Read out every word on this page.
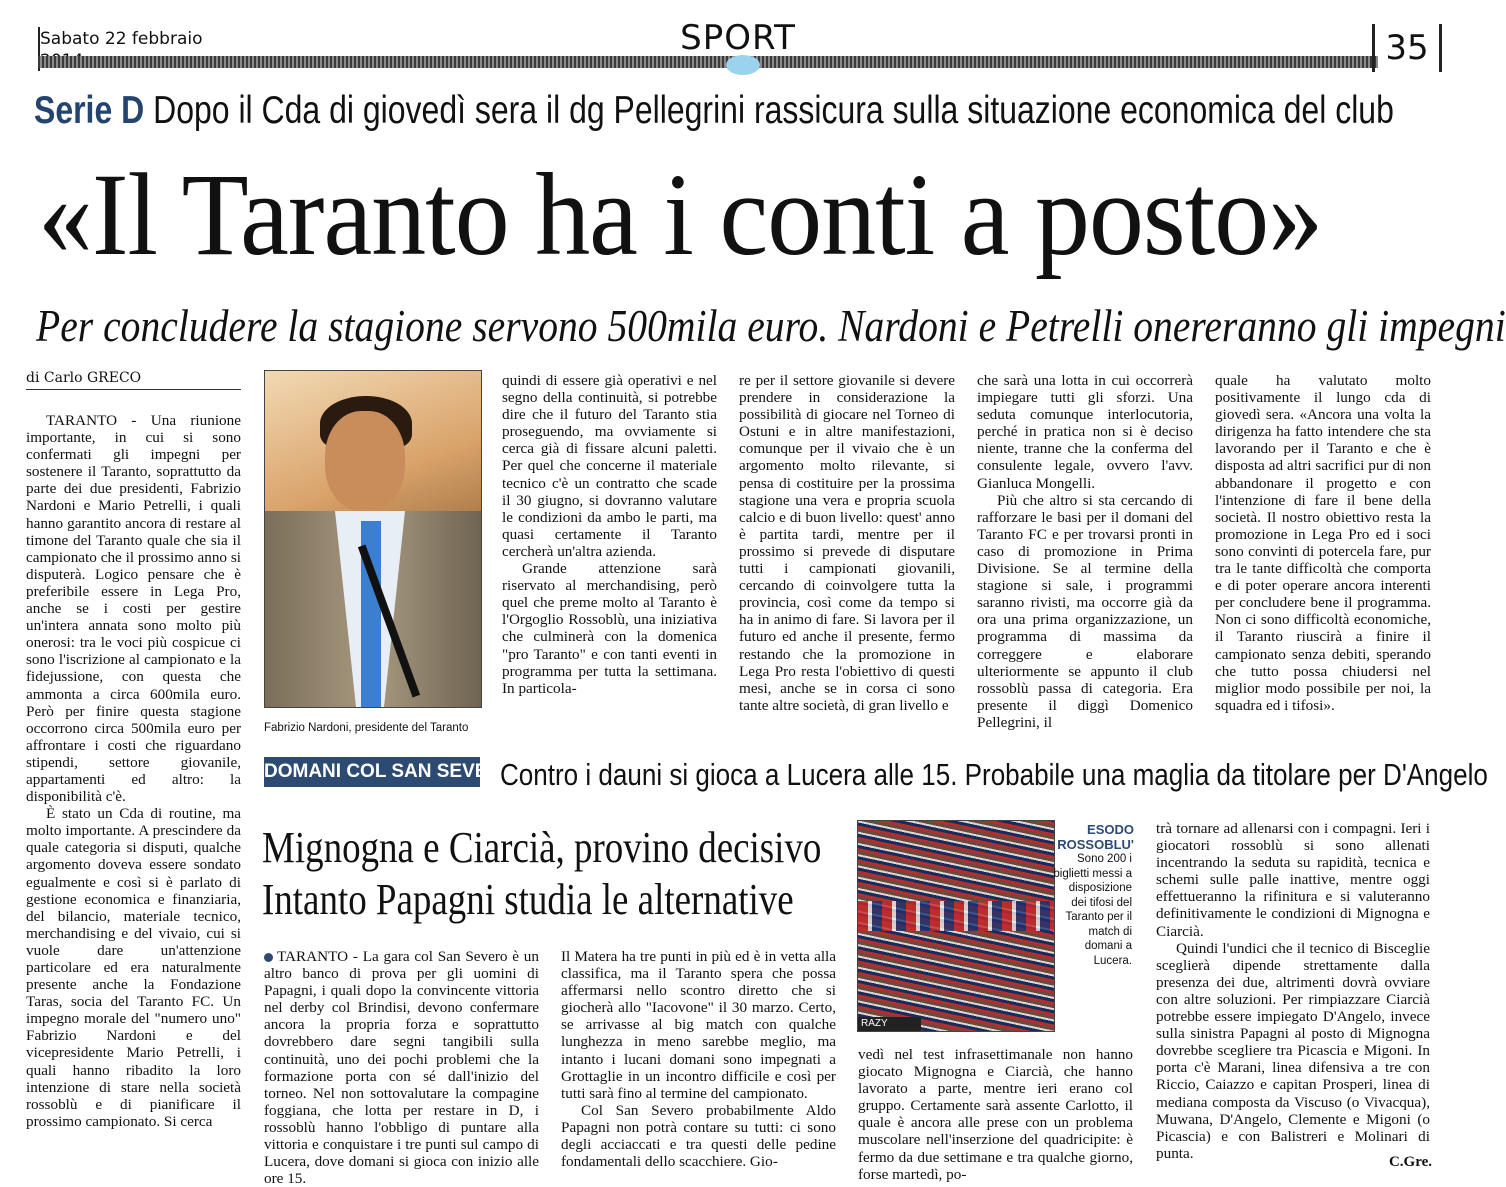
Sabato 22 febbraio	SPORT	35
Serie D Dopo il Cda di giovedì sera il dg Pellegrini rassicura sulla situazione economica del club
«Il Taranto ha i conti a posto»
Per concludere la stagione servono 500mila euro. Nardoni e Petrelli onereranno gli impegni
di Carlo GRECO

TARANTO - Una riunione importante, in cui si sono confermati gli impegni per sostenere il Taranto, soprattutto da parte dei due presidenti, Fabrizio Nardoni e Mario Petrelli, i quali hanno garantito ancora di restare al timone del Taranto quale che sia il campionato che il prossimo anno si disputerà. Logico pensare che è preferibile essere in Lega Pro, anche se i costi per gestire un'intera annata sono molto più onerosi: tra le voci più cospicue ci sono l'iscrizione al campionato e la fidejussione, con questa che ammonta a circa 600mila euro. Però per finire questa stagione occorrono circa 500mila euro per affrontare i costi che riguardano stipendi, settore giovanile, appartamenti ed altro: la disponibilità c'è.

È stato un Cda di routine, ma molto importante. A prescindere da quale categoria si disputi, qualche argomento doveva essere sondato egualmente e così si è parlato di gestione economica e finanziaria, del bilancio, materiale tecnico, merchandising e del vivaio, cui si vuole dare un'attenzione particolare ed era naturalmente presente anche la Fondazione Taras, socia del Taranto FC. Un impegno morale del "numero uno" Fabrizio Nardoni e del vicepresidente Mario Petrelli, i quali hanno ribadito la loro intenzione di stare nella società rossoblù e di pianificare il prossimo campionato. Si cerca

Fabrizio Nardoni, presidente del Taranto

quindi di essere già operativi e nel segno della continuità, si potrebbe dire che il futuro del Taranto stia proseguendo, ma ovviamente si cerca già di fissare alcuni paletti. Per quel che concerne il materiale tecnico c'è un contratto che scade il 30 giugno, si dovranno valutare le condizioni da ambo le parti, ma quasi certamente il Taranto cercherà un'altra azienda.

Grande attenzione sarà riservato al merchandising, però quel che preme molto al Taranto è l'Orgoglio Rossoblù, una iniziativa che culminerà con la domenica "pro Taranto" e con tanti eventi in programma per tutta la settimana. In particola-

re per il settore giovanile si devere prendere in considerazione la possibilità di giocare nel Torneo di Ostuni e in altre manifestazioni, comunque per il vivaio che è un argomento molto rilevante, si pensa di costituire per la prossima stagione una vera e propria scuola calcio e di buon livello: quest' anno è partita tardi, mentre per il prossimo si prevede di disputare tutti i campionati giovanili, cercando di coinvolgere tutta la provincia, così come da tempo si ha in animo di fare. Si lavora per il futuro ed anche il presente, fermo restando che la promozione in Lega Pro resta l'obiettivo di questi mesi, anche se in corsa ci sono tante altre società, di gran livello e

che sarà una lotta in cui occorrerà impiegare tutti gli sforzi. Una seduta comunque interlocutoria, perché in pratica non si è deciso niente, tranne che la conferma del consulente legale, ovvero l'avv. Gianluca Mongelli.

Più che altro si sta cercando di rafforzare le basi per il domani del Taranto FC e per trovarsi pronti in caso di promozione in Prima Divisione. Se al termine della stagione si sale, i programmi saranno rivisti, ma occorre già da ora una prima organizzazione, un programma di massima da correggere e elaborare ulteriormente se appunto il club rossoblù passa di categoria. Era presente il diggì Domenico Pellegrini, il

quale ha valutato molto positivamente il lungo cda di giovedì sera. «Ancora una volta la dirigenza ha fatto intendere che sta lavorando per il Taranto e che è disposta ad altri sacrifici pur di non abbandonare il progetto e con l'intenzione di fare il bene della società. Il nostro obiettivo resta la promozione in Lega Pro ed i soci sono convinti di potercela fare, pur tra le tante difficoltà che comporta e di poter operare ancora interenti per concludere bene il programma. Non ci sono difficoltà economiche, il Taranto riuscirà a finire il campionato senza debiti, sperando che tutto possa chiudersi nel miglior modo possibile per noi, la squadra ed i tifosi».

DOMANI COL SAN SEVERO
Contro i dauni si gioca a Lucera alle 15. Probabile una maglia da titolare per D'Angelo
Mignogna e Ciarcià, provino decisivo
Intanto Papagni studia le alternative

TARANTO - La gara col San Severo è un altro banco di prova per gli uomini di Papagni, i quali dopo la convincente vittoria nel derby col Brindisi, devono confermare ancora la propria forza e soprattutto dovrebbero dare segni tangibili sulla continuità, uno dei pochi problemi che la formazione porta con sé dall'inizio del torneo. Nel non sottovalutare la compagine foggiana, che lotta per restare in D, i rossoblù hanno l'obbligo di puntare alla vittoria e conquistare i tre punti sul campo di Lucera, dove domani si gioca con inizio alle ore 15.

Il Matera ha tre punti in più ed è in vetta alla classifica, ma il Taranto spera che possa affermarsi nello scontro diretto che si giocherà allo "Iacovone" il 30 marzo. Certo, se arrivasse al big match con qualche lunghezza in meno sarebbe meglio, ma intanto i lucani domani sono impegnati a Grottaglie in un incontro difficile e così per tutti sarà fino al termine del campionato.

Col San Severo probabilmente Aldo Papagni non potrà contare su tutti: ci sono degli acciaccati e tra questi delle pedine fondamentali dello scacchiere. Gio-

RAZY
ESODO ROSSOBLU'
Sono 200 i biglietti messi a disposizione dei tifosi del Taranto per il match di domani a Lucera.

vedì nel test infrasettimanale non hanno giocato Mignogna e Ciarcià, che hanno lavorato a parte, mentre ieri erano col gruppo. Certamente sarà assente Carlotto, il quale è ancora alle prese con un problema muscolare nell'inserzione del quadricipite: è fermo da due settimane e tra qualche giorno, forse martedì, po-

trà tornare ad allenarsi con i compagni. Ieri i giocatori rossoblù si sono allenati incentrando la seduta su rapidità, tecnica e schemi sulle palle inattive, mentre oggi effettueranno la rifinitura e si valuteranno definitivamente le condizioni di Mignogna e Ciarcià.

Quindi l'undici che il tecnico di Bisceglie sceglierà dipende strettamente dalla presenza dei due, altrimenti dovrà ovviare con altre soluzioni. Per rimpiazzare Ciarcià potrebbe essere impiegato D'Angelo, invece sulla sinistra Papagni al posto di Mignogna dovrebbe scegliere tra Picascia e Migoni. In porta c'è Marani, linea difensiva a tre con Riccio, Caiazzo e capitan Prosperi, linea di mediana composta da Viscuso (o Vivacqua), Muwana, D'Angelo, Clemente e Migoni (o Picascia) e con Balistreri e Molinari di punta.

C.Gre.
